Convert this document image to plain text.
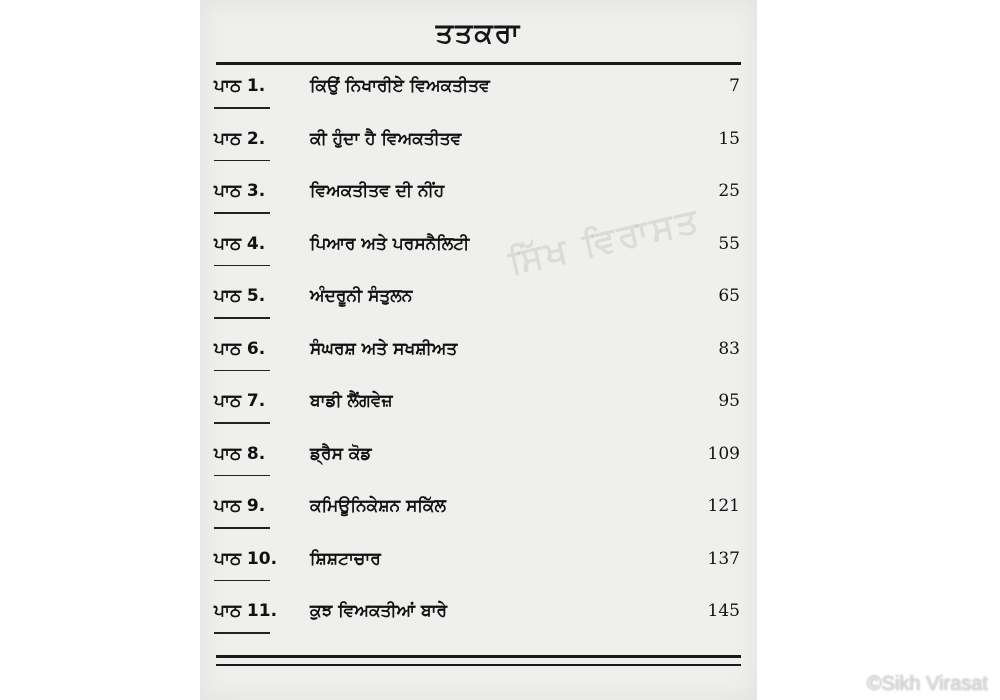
ਤਤਕਰਾ
ਪਾਠ 1.	ਕਿਉਂ ਨਿਖਾਰੀਏ ਵਿਅਕਤੀਤਵ	7
ਪਾਠ 2.	ਕੀ ਹੁੰਦਾ ਹੈ ਵਿਅਕਤੀਤਵ	15
ਪਾਠ 3.	ਵਿਅਕਤੀਤਵ ਦੀ ਨੀਂਹ	25
ਪਾਠ 4.	ਪਿਆਰ ਅਤੇ ਪਰਸਨੈਲਿਟੀ	55
ਪਾਠ 5.	ਅੰਦਰੂਨੀ ਸੰਤੁਲਨ	65
ਪਾਠ 6.	ਸੰਘਰਸ਼ ਅਤੇ ਸਖਸ਼ੀਅਤ	83
ਪਾਠ 7.	ਬਾਡੀ ਲੈਂਗਵੇਜ਼	95
ਪਾਠ 8.	ਡ੍ਰੈਸ ਕੋਡ	109
ਪਾਠ 9.	ਕਮਿਊਨਿਕੇਸ਼ਨ ਸਕਿੱਲ	121
ਪਾਠ 10. ਸ਼ਿਸ਼ਟਾਚਾਰ	137
ਪਾਠ 11. ਕੁਝ ਵਿਅਕਤੀਆਂ ਬਾਰੇ	145
ਸਿੱਖ ਵਿਰਾਸਤ
©Sikh Virasat
